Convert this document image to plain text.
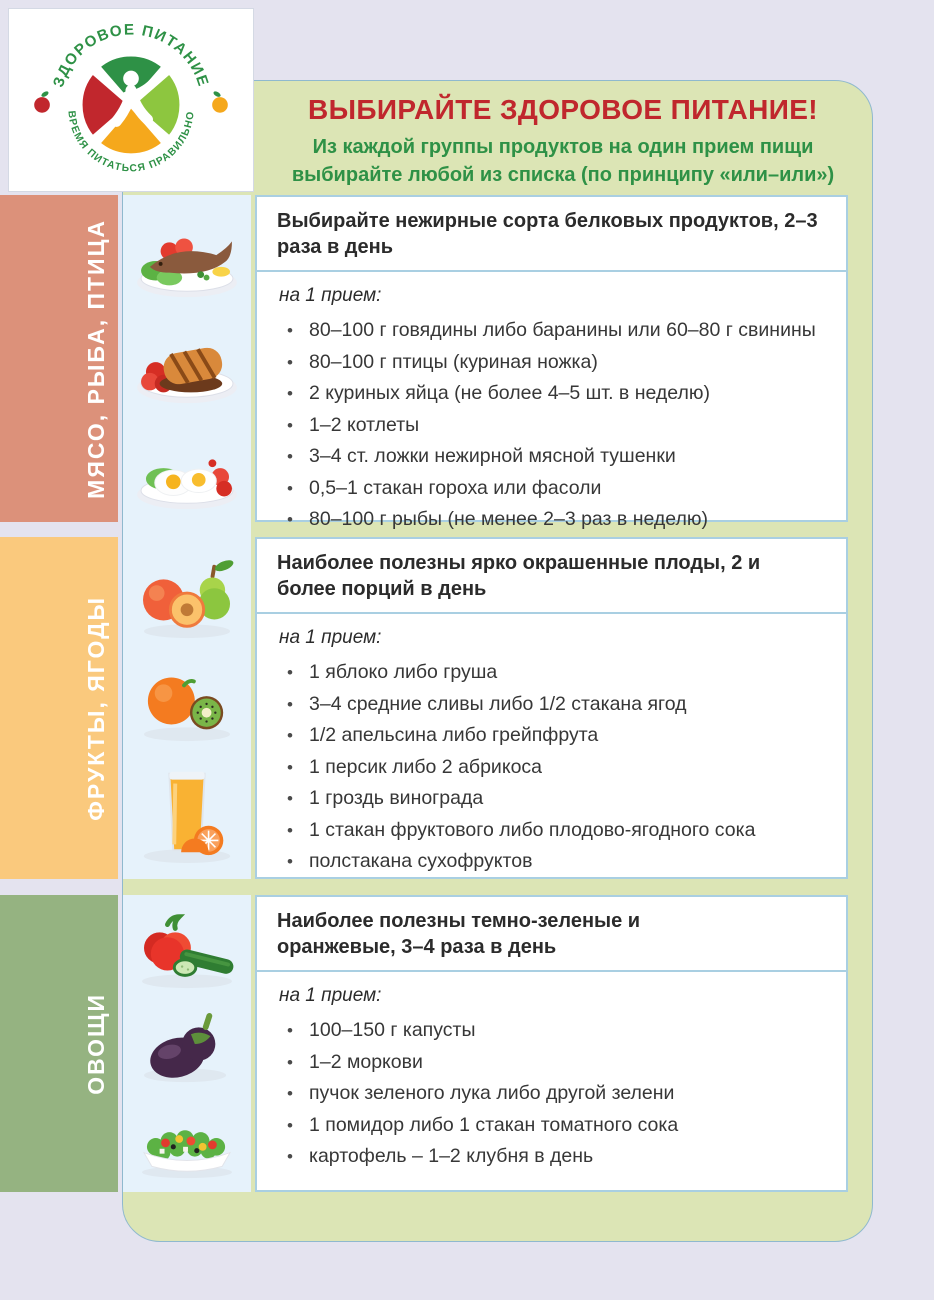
ЗДОРОВОЕ ПИТАНИЕ
ВРЕМЯ ПИТАТЬСЯ ПРАВИЛЬНО	ВЫБИРАЙТЕ ЗДОРОВОЕ ПИТАНИЕ!
Из каждой группы продуктов на один прием пищи
выбирайте любой из списка (по принципу «или–или»)
МЯСО, РЫБА, ПТИЦА	Выбирайте нежирные сорта белковых продуктов, 2–3 раза в день

на 1 прием:

• 80–100 г говядины либо баранины или 60–80 г свинины
• 80–100 г птицы (куриная ножка)
• 2 куриных яйца (не более 4–5 шт. в неделю)
• 1–2 котлеты
• 3–4 ст. ложки нежирной мясной тушенки
• 0,5–1 стакан гороха или фасоли
• 80–100 г рыбы (не менее 2–3 раз в неделю)
ФРУКТЫ, ЯГОДЫ

Наиболее полезны ярко окрашенные плоды, 2 и более порций в день

на 1 прием:

• 1 яблоко либо груша
• 3–4 средние сливы либо 1/2 стакана ягод
• 1/2 апельсина либо грейпфрута
• 1 персик либо 2 абрикоса
• 1 гроздь винограда
• 1 стакан фруктового либо плодово-ягодного сока
• полстакана сухофруктов
ОВОЩИ

Наиболее полезны темно-зеленые и оранжевые, 3–4 раза в день

на 1 прием:

• 100–150 г капусты
• 1–2 моркови
• пучок зеленого лука либо другой зелени
• 1 помидор либо 1 стакан томатного сока
• картофель – 1–2 клубня в день
